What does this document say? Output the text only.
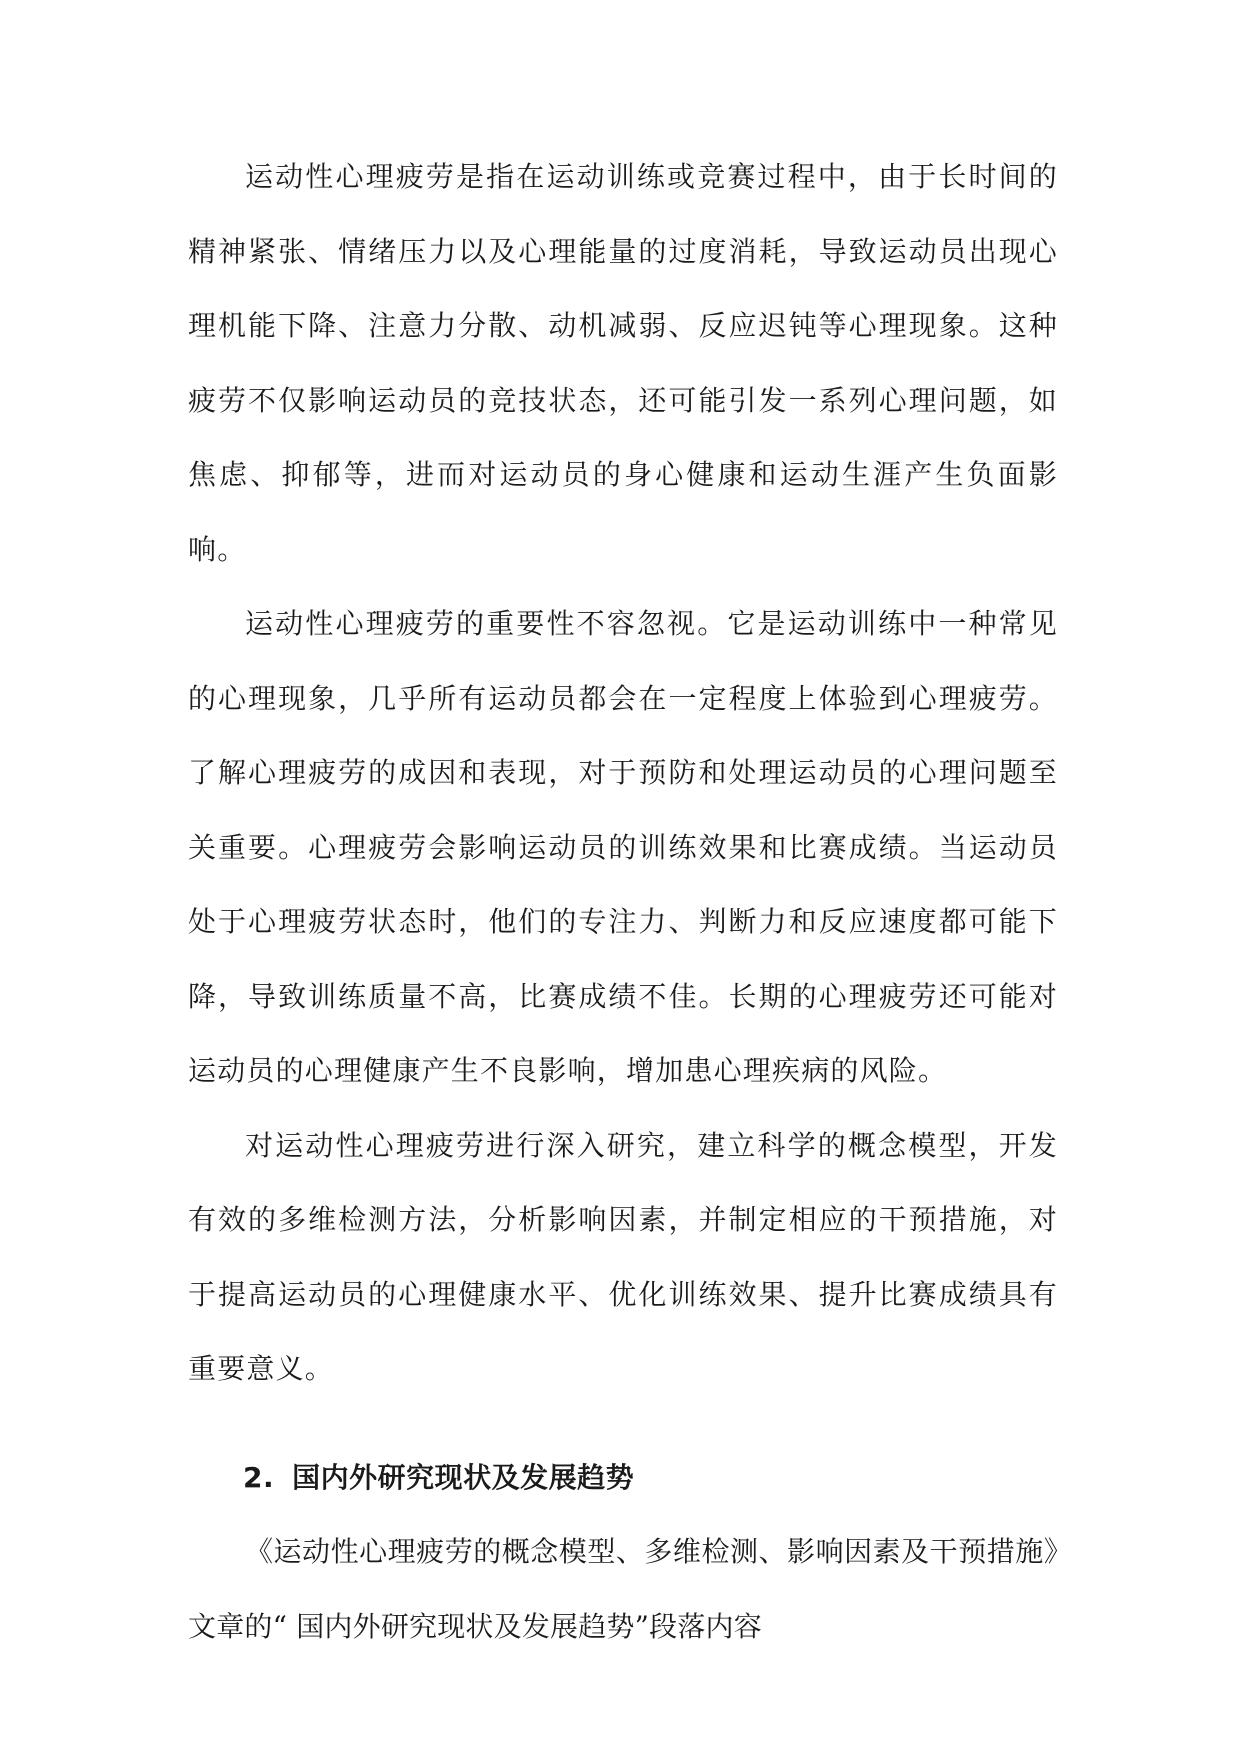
运动性心理疲劳是指在运动训练或竞赛过程中，由于长时间的精神紧张、情绪压力以及心理能量的过度消耗，导致运动员出现心理机能下降、注意力分散、动机减弱、反应迟钝等心理现象。这种疲劳不仅影响运动员的竞技状态，还可能引发一系列心理问题，如焦虑、抑郁等，进而对运动员的身心健康和运动生涯产生负面影响。

运动性心理疲劳的重要性不容忽视。它是运动训练中一种常见的心理现象，几乎所有运动员都会在一定程度上体验到心理疲劳。了解心理疲劳的成因和表现，对于预防和处理运动员的心理问题至关重要。心理疲劳会影响运动员的训练效果和比赛成绩。当运动员处于心理疲劳状态时，他们的专注力、判断力和反应速度都可能下降，导致训练质量不高，比赛成绩不佳。长期的心理疲劳还可能对运动员的心理健康产生不良影响，增加患心理疾病的风险。

对运动性心理疲劳进行深入研究，建立科学的概念模型，开发有效的多维检测方法，分析影响因素，并制定相应的干预措施，对于提高运动员的心理健康水平、优化训练效果、提升比赛成绩具有重要意义。

2. 国内外研究现状及发展趋势

《运动性心理疲劳的概念模型、多维检测、影响因素及干预措施》文章的“ 国内外研究现状及发展趋势”段落内容
